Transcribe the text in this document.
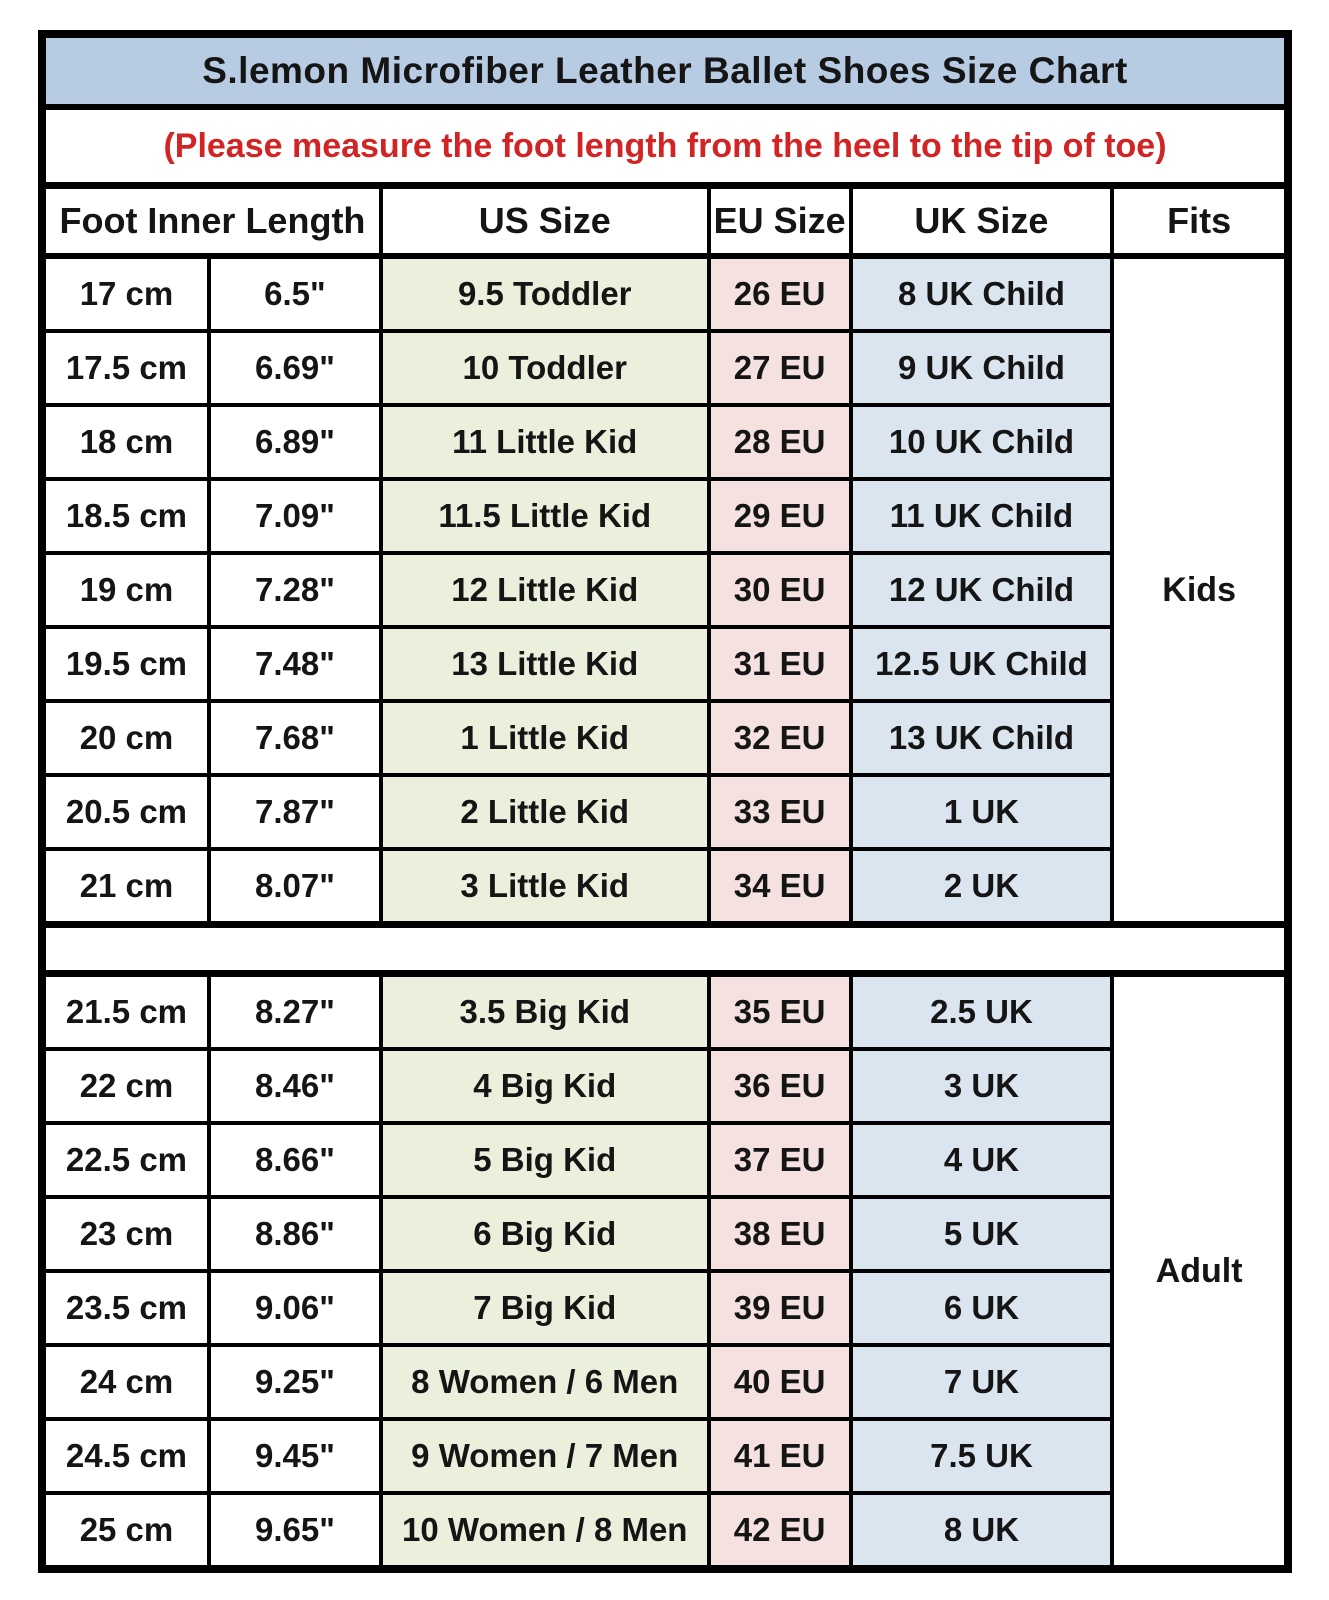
S.lemon Microfiber Leather Ballet Shoes Size Chart					
(Please measure the foot length from the heel to the tip of toe)					
Foot Inner Length		US Size	EU Size	UK Size	Fits
17 cm	6.5"	9.5 Toddler	26 EU	8 UK Child	Kids
17.5 cm	6.69"	10 Toddler	27 EU	9 UK Child	
18 cm	6.89"	11 Little Kid	28 EU	10 UK Child	
18.5 cm	7.09"	11.5 Little Kid	29 EU	11 UK Child	
19 cm	7.28"	12 Little Kid	30 EU	12 UK Child	
19.5 cm	7.48"	13 Little Kid	31 EU	12.5 UK Child	
20 cm	7.68"	1 Little Kid	32 EU	13 UK Child	
20.5 cm	7.87"	2 Little Kid	33 EU	1 UK	
21 cm	8.07"	3 Little Kid	34 EU	2 UK	

21.5 cm	8.27"	3.5 Big Kid	35 EU	2.5 UK	Adult
22 cm	8.46"	4 Big Kid	36 EU	3 UK	
22.5 cm	8.66"	5 Big Kid	37 EU	4 UK	
23 cm	8.86"	6 Big Kid	38 EU	5 UK	
23.5 cm	9.06"	7 Big Kid	39 EU	6 UK	
24 cm	9.25"	8 Women / 6 Men	40 EU	7 UK	
24.5 cm	9.45"	9 Women / 7 Men	41 EU	7.5 UK	
25 cm	9.65"	10 Women / 8 Men	42 EU	8 UK	
